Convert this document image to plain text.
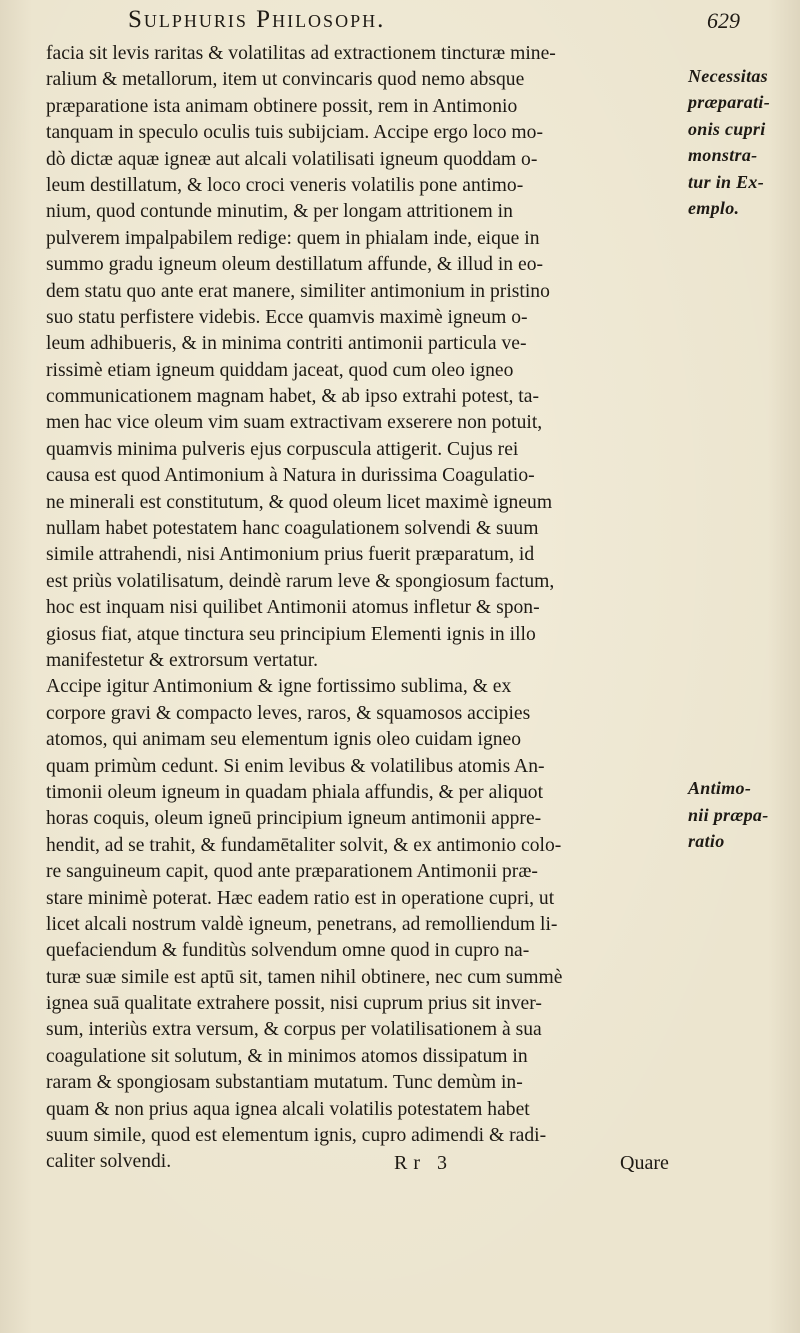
Sulphuris Philosoph.	629
facia sit levis raritas & volatilitas ad extractionem tincturæ mine-
ralium & metallorum, item ut convincaris quod nemo absque
præparatione ista animam obtinere possit, rem in Antimonio
tanquam in speculo oculis tuis subijciam. Accipe ergo loco mo-
dò dictæ aquæ igneæ aut alcali volatilisati igneum quoddam o-
leum destillatum, & loco croci veneris volatilis pone antimo-
nium, quod contunde minutim, & per longam attritionem in
pulverem impalpabilem redige: quem in phialam inde, eique in
summo gradu igneum oleum destillatum affunde, & illud in eo-
dem statu quo ante erat manere, similiter antimonium in pristino
suo statu perfistere videbis. Ecce quamvis maximè igneum o-
leum adhibueris, & in minima contriti antimonii particula ve-
rissimè etiam igneum quiddam jaceat, quod cum oleo igneo
communicationem magnam habet, & ab ipso extrahi potest, ta-
men hac vice oleum vim suam extractivam exserere non potuit,
quamvis minima pulveris ejus corpuscula attigerit. Cujus rei
causa est quod Antimonium à Natura in durissima Coagulatio-
ne minerali est constitutum, & quod oleum licet maximè igneum
nullam habet potestatem hanc coagulationem solvendi & suum
simile attrahendi, nisi Antimonium prius fuerit præparatum, id
est priùs volatilisatum, deindè rarum leve & spongiosum factum,
hoc est inquam nisi quilibet Antimonii atomus infletur & spon-
giosus fiat, atque tinctura seu principium Elementi ignis in illo
manifestetur & extrorsum vertatur.
Accipe igitur Antimonium & igne fortissimo sublima, & ex
corpore gravi & compacto leves, raros, & squamosos accipies
atomos, qui animam seu elementum ignis oleo cuidam igneo
quam primùm cedunt. Si enim levibus & volatilibus atomis An-
timonii oleum igneum in quadam phiala affundis, & per aliquot
horas coquis, oleum igneū principium igneum antimonii appre-
hendit, ad se trahit, & fundamētaliter solvit, & ex antimonio colo-
re sanguineum capit, quod ante præparationem Antimonii præ-
stare minimè poterat. Hæc eadem ratio est in operatione cupri, ut
licet alcali nostrum valdè igneum, penetrans, ad remolliendum li-
quefaciendum & funditùs solvendum omne quod in cupro na-
turæ suæ simile est aptū sit, tamen nihil obtinere, nec cum summè
ignea suā qualitate extrahere possit, nisi cuprum prius sit inver-
sum, interiùs extra versum, & corpus per volatilisationem à sua
coagulatione sit solutum, & in minimos atomos dissipatum in
raram & spongiosam substantiam mutatum. Tunc demùm in-
quam & non prius aqua ignea alcali volatilis potestatem habet
suum simile, quod est elementum ignis, cupro adimendi & radi-
caliter solvendi.
Necessitas
præparati-
onis cupri
monstra-
tur in Ex-
emplo.
Antimo-
nii præpa-
ratio
Rr 3	Quare
